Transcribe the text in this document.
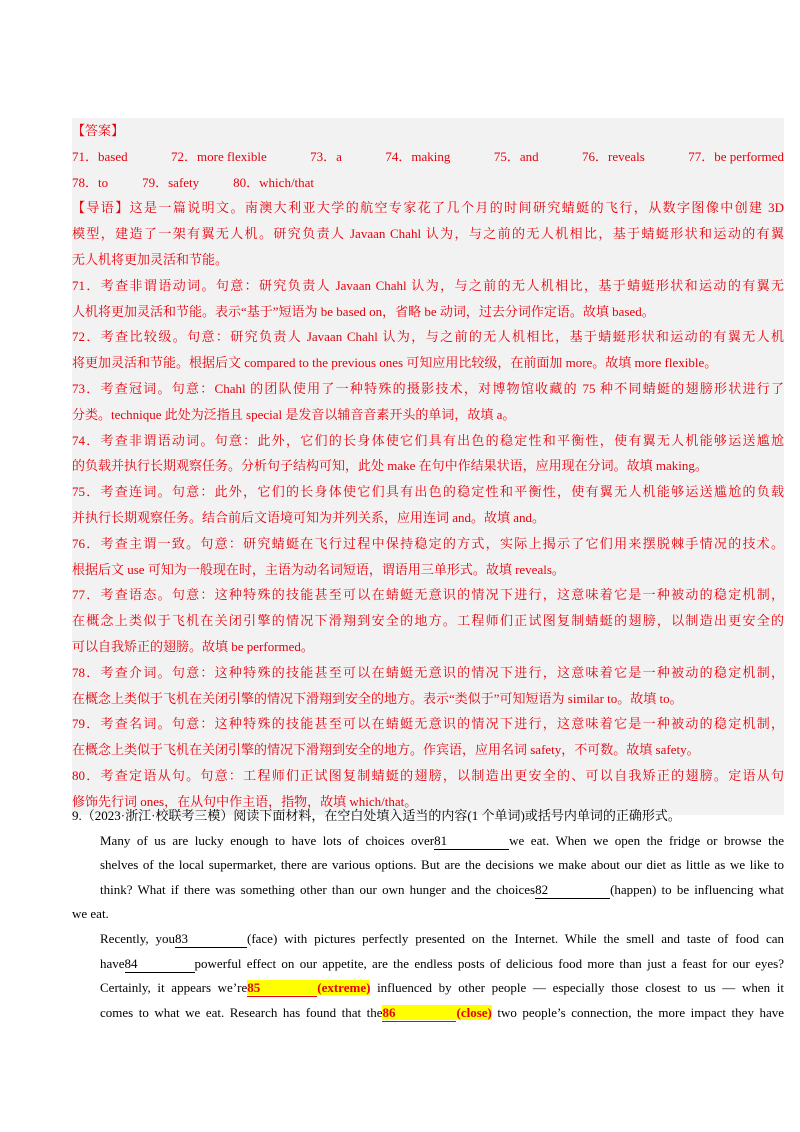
【答案】
71．based	72．more flexible	73．a	74．making	75．and	76．reveals	77．be performed
78．to	79．safety	80．which/that
【导语】这是一篇说明文。南澳大利亚大学的航空专家花了几个月的时间研究蜻蜓的飞行，从数字图像中创建 3D
模型，建造了一架有翼无人机。研究负责人 Javaan Chahl 认为，与之前的无人机相比，基于蜻蜓形状和运动的有翼
无人机将更加灵活和节能。
71．考查非谓语动词。句意：研究负责人 Javaan Chahl 认为，与之前的无人机相比，基于蜻蜓形状和运动的有翼无
人机将更加灵活和节能。表示“基于”短语为 be based on，省略 be 动词，过去分词作定语。故填 based。
72．考查比较级。句意：研究负责人 Javaan Chahl 认为，与之前的无人机相比，基于蜻蜓形状和运动的有翼无人机
将更加灵活和节能。根据后文 compared to the previous ones 可知应用比较级，在前面加 more。故填 more flexible。
73．考查冠词。句意：Chahl 的团队使用了一种特殊的摄影技术，对博物馆收藏的 75 种不同蜻蜓的翅膀形状进行了
分类。technique 此处为泛指且 special 是发音以辅音音素开头的单词，故填 a。
74．考查非谓语动词。句意：此外，它们的长身体使它们具有出色的稳定性和平衡性，使有翼无人机能够运送尴尬
的负载并执行长期观察任务。分析句子结构可知，此处 make 在句中作结果状语，应用现在分词。故填 making。
75．考查连词。句意：此外，它们的长身体使它们具有出色的稳定性和平衡性，使有翼无人机能够运送尴尬的负载
并执行长期观察任务。结合前后文语境可知为并列关系，应用连词 and。故填 and。
76．考查主谓一致。句意：研究蜻蜓在飞行过程中保持稳定的方式，实际上揭示了它们用来摆脱棘手情况的技术。
根据后文 use 可知为一般现在时，主语为动名词短语，谓语用三单形式。故填 reveals。
77．考查语态。句意：这种特殊的技能甚至可以在蜻蜓无意识的情况下进行，这意味着它是一种被动的稳定机制，
在概念上类似于飞机在关闭引擎的情况下滑翔到安全的地方。工程师们正试图复制蜻蜓的翅膀，以制造出更安全的
可以自我矫正的翅膀。故填 be performed。
78．考查介词。句意：这种特殊的技能甚至可以在蜻蜓无意识的情况下进行，这意味着它是一种被动的稳定机制，
在概念上类似于飞机在关闭引擎的情况下滑翔到安全的地方。表示“类似于”可知短语为 similar to。故填 to。
79．考查名词。句意：这种特殊的技能甚至可以在蜻蜓无意识的情况下进行，这意味着它是一种被动的稳定机制，
在概念上类似于飞机在关闭引擎的情况下滑翔到安全的地方。作宾语，应用名词 safety，不可数。故填 safety。
80．考查定语从句。句意：工程师们正试图复制蜻蜓的翅膀，以制造出更安全的、可以自我矫正的翅膀。定语从句
修饰先行词 ones，在从句中作主语，指物，故填 which/that。
9.（2023·浙江·校联考三模）阅读下面材料，在空白处填入适当的内容(1 个单词)或括号内单词的正确形式。
Many of us are lucky enough to have lots of choices over81	we eat. When we open the fridge or browse the
shelves of the local supermarket, there are various options. But are the decisions we make about our diet as little as we like to
think? What if there was something other than our own hunger and the choices82	(happen) to be influencing what
we eat.
Recently, you83	(face) with pictures perfectly presented on the Internet. While the smell and taste of food can
have84	powerful effect on our appetite, are the endless posts of delicious food more than just a feast for our eyes?
Certainly, it appears we’re85	(extreme) influenced by other people — especially those closest to us — when it
comes to what we eat. Research has found that the86	(close) two people’s connection, the more impact they have
